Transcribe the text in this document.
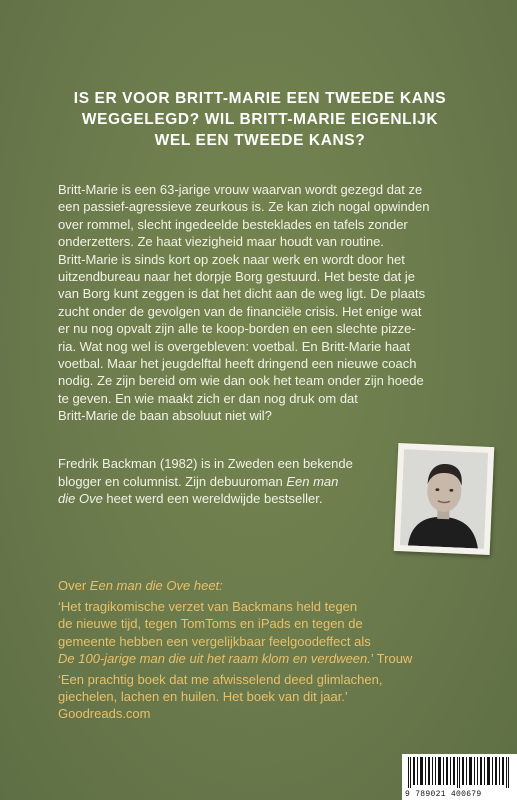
IS ER VOOR BRITT-MARIE EEN TWEEDE KANS
WEGGELEGD? WIL BRITT-MARIE EIGENLIJK
WEL EEN TWEEDE KANS?

Britt-Marie is een 63-jarige vrouw waarvan wordt gezegd dat ze

een passief-agressieve zeurkous is. Ze kan zich nogal opwinden

over rommel, slecht ingedeelde besteklades en tafels zonder

onderzetters. Ze haat viezigheid maar houdt van routine.

Britt-Marie is sinds kort op zoek naar werk en wordt door het

uitzendbureau naar het dorpje Borg gestuurd. Het beste dat je

van Borg kunt zeggen is dat het dicht aan de weg ligt. De plaats

zucht onder de gevolgen van de financiële crisis. Het enige wat

er nu nog opvalt zijn alle te koop-borden en een slechte pizze-

ria. Wat nog wel is overgebleven: voetbal. En Britt-Marie haat

voetbal. Maar het jeugdelftal heeft dringend een nieuwe coach

nodig. Ze zijn bereid om wie dan ook het team onder zijn hoede

te geven. En wie maakt zich er dan nog druk om dat

Britt-Marie de baan absoluut niet wil?

Fredrik Backman (1982) is in Zweden een bekende

blogger en columnist. Zijn debuuroman Een man

die Ove heet werd een wereldwijde bestseller.

Over Een man die Ove heet:

‘Het tragikomische verzet van Backmans held tegen

de nieuwe tijd, tegen TomToms en iPads en tegen de

gemeente hebben een vergelijkbaar feelgoodeffect als

De 100-jarige man die uit het raam klom en verdween.’ Trouw

‘Een prachtig boek dat me afwisselend deed glimlachen,

giechelen, lachen en huilen. Het boek van dit jaar.’

Goodreads.com

9 789021 400679
